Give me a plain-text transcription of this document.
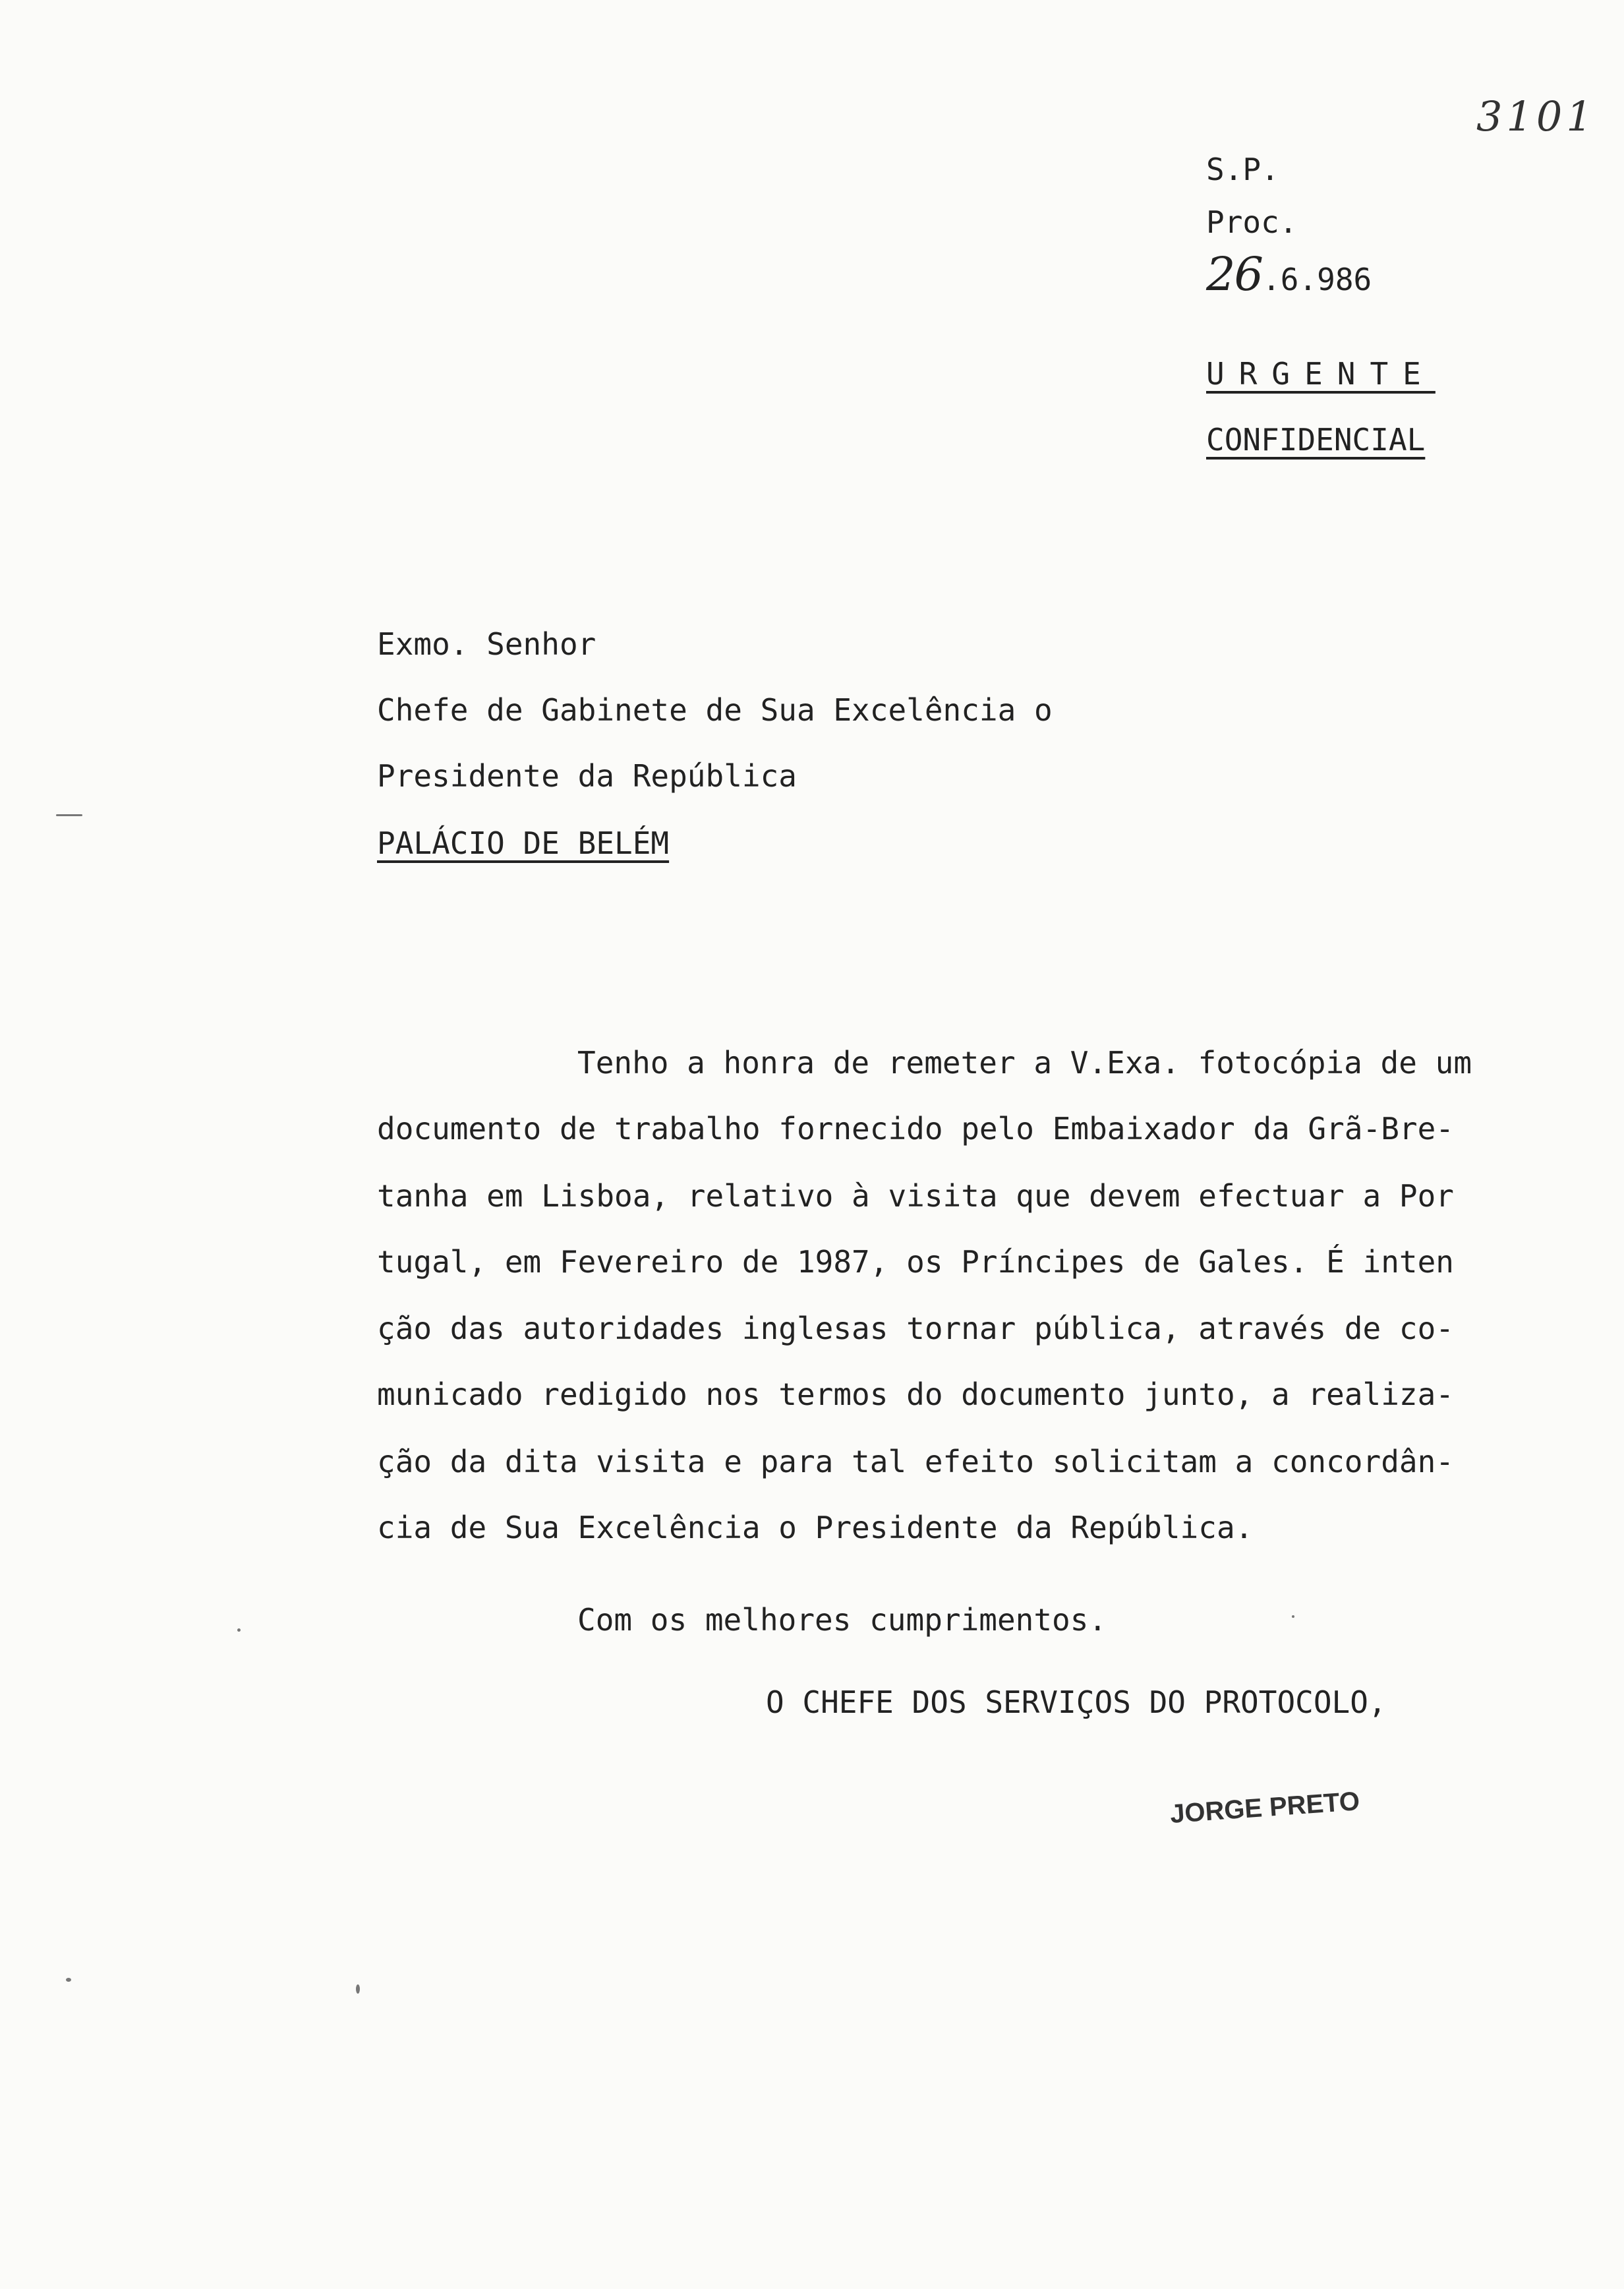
3101
S.P.
Proc.
26.6.986
URGENTE
CONFIDENCIAL
Exmo. Senhor
Chefe de Gabinete de Sua Excelência o
Presidente da República
PALÁCIO DE BELÉM
Tenho a honra de remeter a V.Exa. fotocópia de um
documento de trabalho fornecido pelo Embaixador da Grã-Bre-
tanha em Lisboa, relativo à visita que devem efectuar a Por
tugal, em Fevereiro de 1987, os Príncipes de Gales. É inten
ção das autoridades inglesas tornar pública, através de co-
municado redigido nos termos do documento junto, a realiza-
ção da dita visita e para tal efeito solicitam a concordân-
cia de Sua Excelência o Presidente da República.
Com os melhores cumprimentos.
O CHEFE DOS SERVIÇOS DO PROTOCOLO,
JORGE PRETO
